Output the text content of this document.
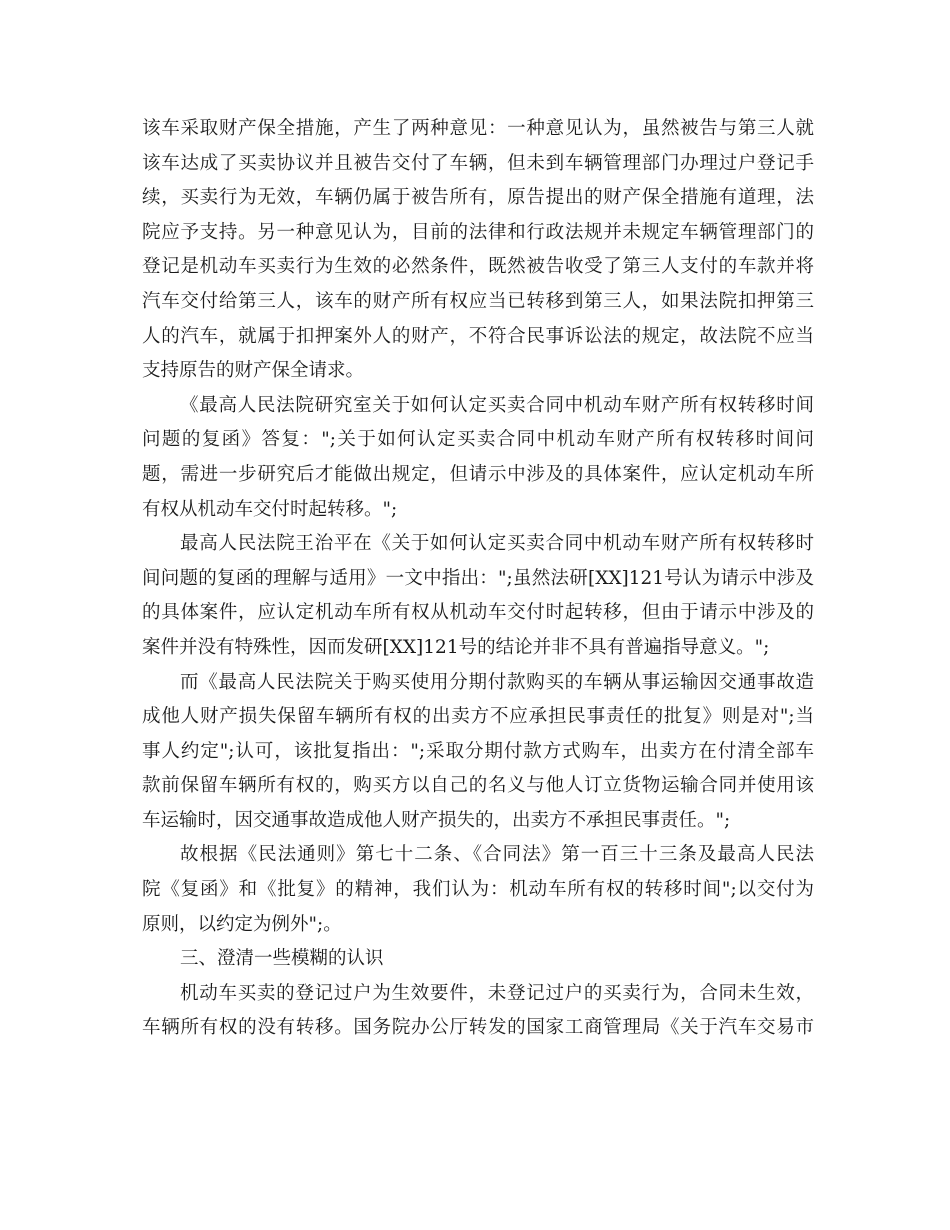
该车采取财产保全措施，产生了两种意见：一种意见认为，虽然被告与第三人就
该车达成了买卖协议并且被告交付了车辆，但未到车辆管理部门办理过户登记手
续，买卖行为无效，车辆仍属于被告所有，原告提出的财产保全措施有道理，法
院应予支持。另一种意见认为，目前的法律和行政法规并未规定车辆管理部门的
登记是机动车买卖行为生效的必然条件，既然被告收受了第三人支付的车款并将
汽车交付给第三人，该车的财产所有权应当已转移到第三人，如果法院扣押第三
人的汽车，就属于扣押案外人的财产，不符合民事诉讼法的规定，故法院不应当
支持原告的财产保全请求。
《最高人民法院研究室关于如何认定买卖合同中机动车财产所有权转移时间
问题的复函》答复：";关于如何认定买卖合同中机动车财产所有权转移时间问
题，需进一步研究后才能做出规定，但请示中涉及的具体案件，应认定机动车所
有权从机动车交付时起转移。";
最高人民法院王治平在《关于如何认定买卖合同中机动车财产所有权转移时
间问题的复函的理解与适用》一文中指出：";虽然法研[XX]121号认为请示中涉及
的具体案件，应认定机动车所有权从机动车交付时起转移，但由于请示中涉及的
案件并没有特殊性，因而发研[XX]121号的结论并非不具有普遍指导意义。";
而《最高人民法院关于购买使用分期付款购买的车辆从事运输因交通事故造
成他人财产损失保留车辆所有权的出卖方不应承担民事责任的批复》则是对";当
事人约定";认可，该批复指出：";采取分期付款方式购车，出卖方在付清全部车
款前保留车辆所有权的，购买方以自己的名义与他人订立货物运输合同并使用该
车运输时，因交通事故造成他人财产损失的，出卖方不承担民事责任。";
故根据《民法通则》第七十二条、《合同法》第一百三十三条及最高人民法
院《复函》和《批复》的精神，我们认为：机动车所有权的转移时间";以交付为
原则，以约定为例外";。
三、澄清一些模糊的认识
机动车买卖的登记过户为生效要件，未登记过户的买卖行为，合同未生效，
车辆所有权的没有转移。国务院办公厅转发的国家工商管理局《关于汽车交易市
